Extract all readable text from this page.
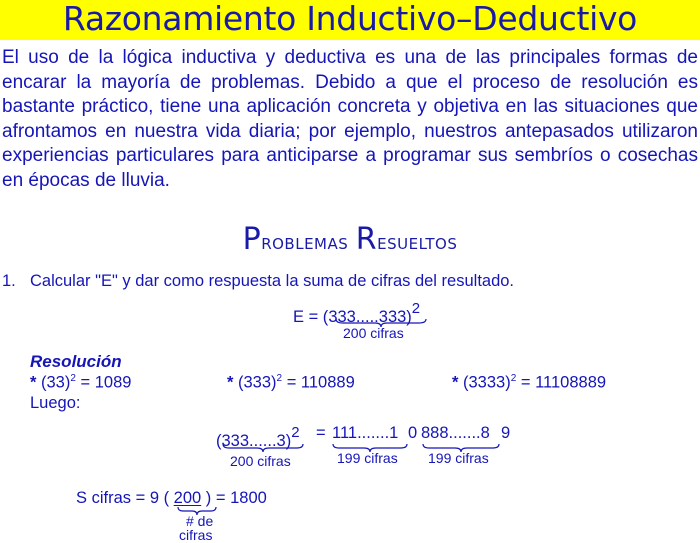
Razonamiento Inductivo–Deductivo
El uso de la lógica inductiva y deductiva es una de las principales formas de encarar la mayoría de problemas. Debido a que el proceso de resolución es bastante práctico, tiene una aplicación concreta y objetiva en las situaciones que afrontamos en nuestra vida diaria; por ejemplo, nuestros antepasados utilizaron experiencias particulares para anticiparse a programar sus sembríos o cosechas en épocas de lluvia.
Problemas Resueltos
1. Calcular "E" y dar como respuesta la suma de cifras del resultado.
E = (333.....333)2
200 cifras
Resolución
* $(33)^2 = 1089$	* $(333)^2 = 110889$	* $(3333)^2 = 11108889$
Luego:
(333......3)2 = 111.......1 0 888.......8 9
200 cifras	199 cifras 199 cifras
S cifras = 9 ( 200 ) = 1800
# de
cifras
